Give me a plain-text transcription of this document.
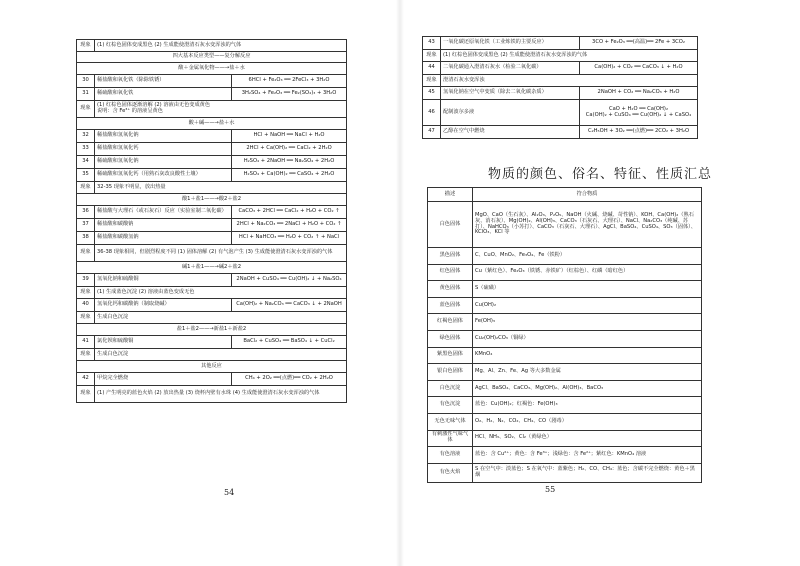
现象	(1) 红棕色固体变成黑色 (2) 生成能使澄清石灰水变浑浊的气体	
四大基本反应类型——复分解反应		
酸＋金属氧化物——→盐＋水		
30	稀盐酸和氧化铁（除除铁锈）	6HCl + Fe₂O₃ ══ 2FeCl₃ + 3H₂O
31	稀硫酸和氧化铁	3H₂SO₄ + Fe₂O₃ ══ Fe₂(SO₄)₃ + 3H₂O
现象	(1) 红棕色固体逐渐溶解 (2) 溶液由无色变成黄色
说明：含 Fe³⁺ 的溶液呈黄色	
酸＋碱——→盐＋水		
32	稀盐酸和氢氧化钠	HCl + NaOH ══ NaCl + H₂O
33	稀盐酸和氢氧化钙	2HCl + Ca(OH)₂ ══ CaCl₂ + 2H₂O
34	稀硫酸和氢氧化钠	H₂SO₄ + 2NaOH ══ Na₂SO₄ + 2H₂O
35	稀硫酸和氢氧化钙（用熟石灰改良酸性土壤）	H₂SO₄ + Ca(OH)₂ ══ CaSO₄ + 2H₂O
现象	32-35 现象不明显，放出热量	
酸1＋盐1——→酸2＋盐2		
36	稀盐酸与大理石（或石灰石）反应（实验室制二氧化碳）	CaCO₃ + 2HCl ══ CaCl₂ + H₂O + CO₂ ↑
37	稀盐酸和碳酸钠	2HCl + Na₂CO₃ ══ 2NaCl + H₂O + CO₂ ↑
38	稀盐酸和碳酸氢钠	HCl + NaHCO₃ ══ H₂O + CO₂ ↑ + NaCl
现象	36-38 现象相同，但剧烈程度不同 (1) 固体溶解 (2) 有气泡产生 (3) 生成能使澄清石灰水变浑浊的气体	
碱1＋盐1——→碱2＋盐2		
39	氢氧化钠和硫酸铜	2NaOH + CuSO₄ ══ Cu(OH)₂ ↓ + Na₂SO₄
现象	(1) 生成蓝色沉淀 (2) 溶液由蓝色变成无色	
40	氢氧化钙和碳酸钠（制取烧碱）	Ca(OH)₂ + Na₂CO₃ ══ CaCO₃ ↓ + 2NaOH
现象	生成白色沉淀	
盐1＋盐2——→新盐1＋新盐2		
41	氯化钡和硫酸铜	BaCl₂ + CuSO₄ ══ BaSO₄ ↓ + CuCl₂
现象	生成白色沉淀	
其他反应		
42	甲烷完全燃烧	CH₄ + 2O₂ ══(点燃)══ CO₂ + 2H₂O
现象	(1) 产生明亮的蓝色火焰 (2) 放出热量 (3) 烧杯内壁有水珠 (4) 生成能使澄清石灰水变浑浊的气体	
54
43	一氧化碳还原氧化铁（工业炼铁的主要反应）	3CO + Fe₂O₃ ══(高温)══ 2Fe + 3CO₂
现象	(1) 红棕色固体变成黑色 (2) 生成能使澄清石灰水变浑浊的气体	
44	二氧化碳通入澄清石灰水（检验二氧化碳）	Ca(OH)₂ + CO₂ ══ CaCO₃ ↓ + H₂O
现象	澄清石灰水变浑浊	
45	氢氧化钠在空气中变质（除去二氧化碳杂质）	2NaOH + CO₂ ══ Na₂CO₃ + H₂O
46	配制波尔多液	CaO + H₂O ══ Ca(OH)₂
Ca(OH)₂ + CuSO₄ ══ Cu(OH)₂ ↓ + CaSO₄
47	乙醇在空气中燃烧	C₂H₅OH + 3O₂ ══(点燃)══ 2CO₂ + 3H₂O
物质的颜色、俗名、特征、性质汇总
描述	符合物质
白色固体	MgO、CaO（生石灰）、Al₂O₃、P₂O₅、NaOH（火碱、烧碱、苛性钠）、KOH、Ca(OH)₂（熟石灰、消石灰）、Mg(OH)₂、Al(OH)₃、CaCO₃（石灰石、大理石）、NaCl、Na₂CO₃（纯碱、苏打）、NaHCO₃（小苏打）、CaCO₃（石灰石、大理石）、AgCl、BaSO₄、CuSO₄、SO₃（固体）、KClO₃、KCl 等
黑色固体	C、CuO、MnO₂、Fe₃O₄、Fe（铁粉）
红色固体	Cu（紫红色）、Fe₂O₃（铁锈、赤铁矿）（红棕色）、红磷（暗红色）
黄色固体	S（硫磺）
蓝色固体	Cu(OH)₂
红褐色固体	Fe(OH)₃
绿色固体	Cu₂(OH)₂CO₃（铜绿）
紫黑色固体	KMnO₄
银白色固体	Mg、Al、Zn、Fe、Ag 等大多数金属
白色沉淀	AgCl、BaSO₄、CaCO₃、Mg(OH)₂、Al(OH)₃、BaCO₃
有色沉淀	蓝色：Cu(OH)₂；红褐色：Fe(OH)₃
无色无味气体	O₂、H₂、N₂、CO₂、CH₄、CO（剧毒）
有刺激性气味气体	HCl、NH₃、SO₂、Cl₂（黄绿色）
有色溶液	蓝色：含 Cu²⁺；黄色：含 Fe³⁺；浅绿色：含 Fe²⁺；紫红色：KMnO₄ 溶液
有色火焰	S 在空气中：淡蓝色；S 在氧气中：蓝紫色；H₂、CO、CH₄：蓝色；含碳不完全燃烧：黄色＋黑烟
55
